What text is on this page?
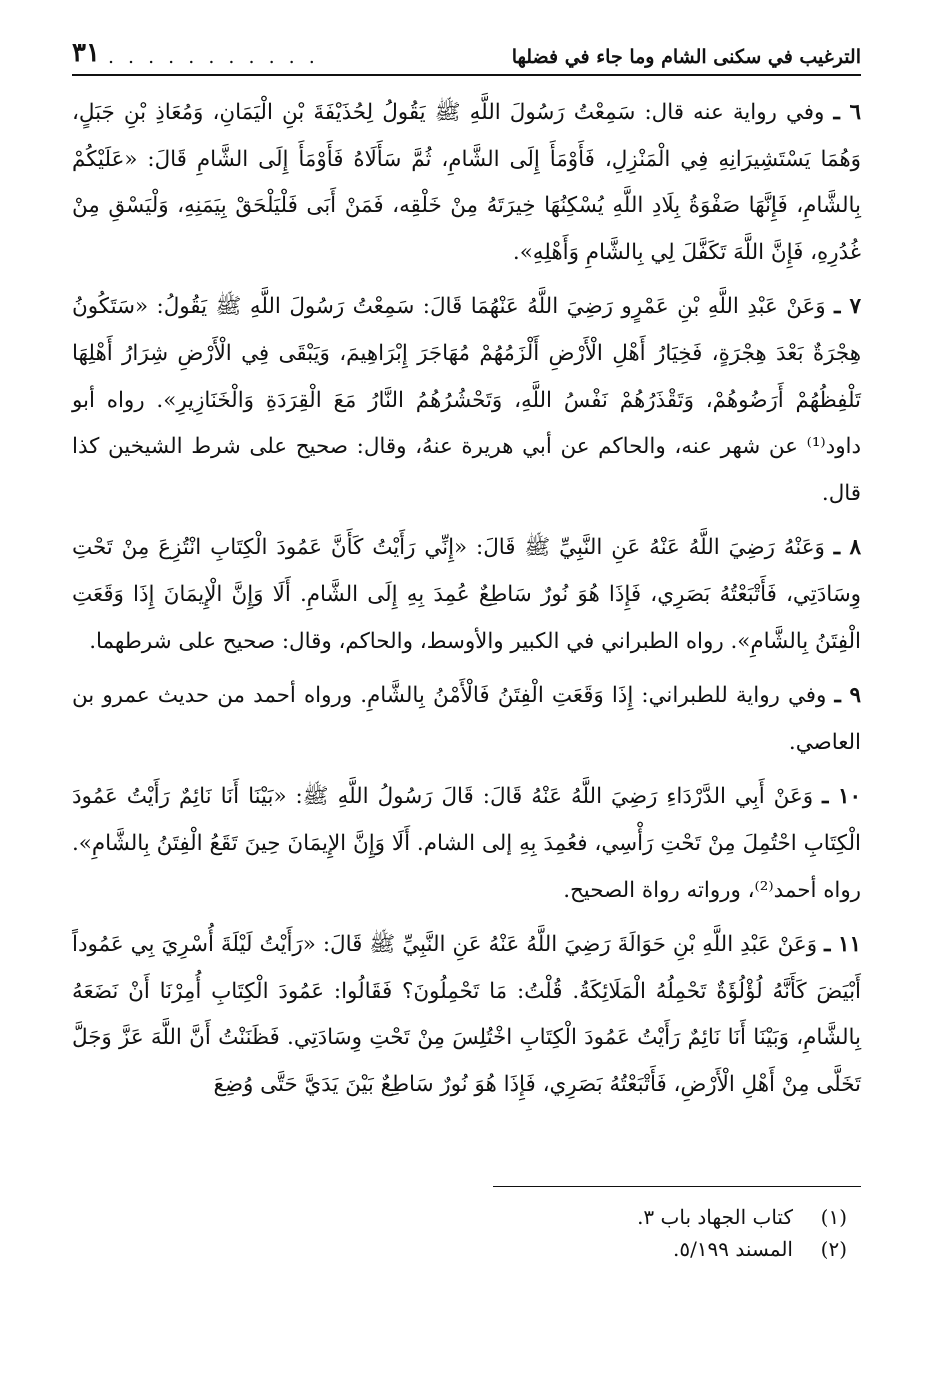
الترغيب في سكنى الشام وما جاء في فضلها
٣١ . . . . . . . . . . .

٦ ـ وفي رواية عنه قال: سَمِعْتُ رَسُولَ اللَّهِ ﷺ يَقُولُ لِحُذَيْفَةَ بْنِ الْيَمَانِ، وَمُعَاذِ بْنِ جَبَلٍ، وَهُمَا يَسْتَشِيرَانِهِ فِي الْمَنْزِلِ، فَأَوْمَأَ إِلَى الشَّامِ، ثُمَّ سَأَلَاهُ فَأَوْمَأَ إِلَى الشَّامِ قَالَ: «عَلَيْكُمْ بِالشَّامِ، فَإِنَّهَا صَفْوَةُ بِلَادِ اللَّهِ يُسْكِنُهَا خِيرَتَهُ مِنْ خَلْقِه، فَمَنْ أَبَى فَلْيَلْحَقْ بِيَمَنِهِ، وَلْيَسْقِ مِنْ غُدُرِهِ، فَإِنَّ اللَّهَ تَكَفَّلَ لِي بِالشَّامِ وَأَهْلِهِ».

٧ ـ وَعَنْ عَبْدِ اللَّهِ بْنِ عَمْرٍو رَضِيَ اللَّهُ عَنْهُمَا قَالَ: سَمِعْتُ رَسُولَ اللَّهِ ﷺ يَقُولُ: «سَتَكُونُ هِجْرَةٌ بَعْدَ هِجْرَةٍ، فَخِيَارُ أَهْلِ الْأَرْضِ أَلْزَمُهُمْ مُهَاجَرَ إِبْرَاهِيمَ، وَيَبْقَى فِي الْأَرْضِ شِرَارُ أَهْلِهَا تَلْفِظُهُمْ أَرَضُوهُمْ، وَتَقْذَرُهُمْ نَفْسُ اللَّهِ، وَتَحْشُرُهُمُ النَّارُ مَعَ الْقِرَدَةِ وَالْخَنَازِيرِ». رواه أبو داود⁽¹⁾ عن شهر عنه، والحاكم عن أبي هريرة عنهُ، وقال: صحيح على شرط الشيخين كذا قال.

٨ ـ وَعَنْهُ رَضِيَ اللَّهُ عَنْهُ عَنِ النَّبِيِّ ﷺ قَالَ: «إِنِّي رَأَيْتُ كَأَنَّ عَمُودَ الْكِتَابِ انْتُزِعَ مِنْ تَحْتِ وِسَادَتِي، فَأَتْبَعْتُهُ بَصَرِي، فَإِذَا هُوَ نُورٌ سَاطِعٌ عُمِدَ بِهِ إِلَى الشَّامِ. أَلَا وَإِنَّ الْإِيمَانَ إِذَا وَقَعَتِ الْفِتَنُ بِالشَّامِ». رواه الطبراني في الكبير والأوسط، والحاكم، وقال: صحيح على شرطهما.

٩ ـ وفي رواية للطبراني: إِذَا وَقَعَتِ الْفِتَنُ فَالْأَمْنُ بِالشَّامِ. ورواه أحمد من حديث عمرو بن العاصي.

١٠ ـ وَعَنْ أَبِي الدَّرْدَاءِ رَضِيَ اللَّهُ عَنْهُ قَالَ: قَالَ رَسُولُ اللَّهِ ﷺ: «بَيْنَا أَنَا نَائِمٌ رَأَيْتُ عَمُودَ الْكِتَابِ احْتُمِلَ مِنْ تَحْتِ رَأْسِي، فعُمِدَ بِهِ إلى الشام. أَلَا وَإِنَّ الإِيمَانَ حِينَ تَقَعُ الْفِتَنُ بِالشَّامِ». رواه أحمد⁽²⁾، ورواته رواة الصحيح.

١١ ـ وَعَنْ عَبْدِ اللَّهِ بْنِ حَوَالَةَ رَضِيَ اللَّهُ عَنْهُ عَنِ النَّبِيِّ ﷺ قَالَ: «رَأَيْتُ لَيْلَةَ أُسْرِيَ بِي عَمُوداً أَبْيَضَ كَأَنَّهُ لُؤْلُؤَةٌ تَحْمِلُهُ الْمَلَائِكَةُ. قُلْتُ: مَا تَحْمِلُونَ؟ فَقَالُوا: عَمُودَ الْكِتَابِ أُمِرْنَا أَنْ نَضَعَهُ بِالشَّامِ، وَبَيْنَا أَنَا نَائِمٌ رَأَيْتُ عَمُودَ الْكِتَابِ اخْتُلِسَ مِنْ تَحْتِ وِسَادَتِي. فَظَنَنْتُ أَنَّ اللَّهَ عَزَّ وَجَلَّ تَخَلَّى مِنْ أَهْلِ الْأَرْضِ، فَأَتْبَعْتُهُ بَصَرِي، فَإِذَا هُوَ نُورٌ سَاطِعٌ بَيْنَ يَدَيَّ حَتَّى وُضِعَ

(١)كتاب الجهاد باب ٣.
(٢)المسند ٥/١٩٩.
